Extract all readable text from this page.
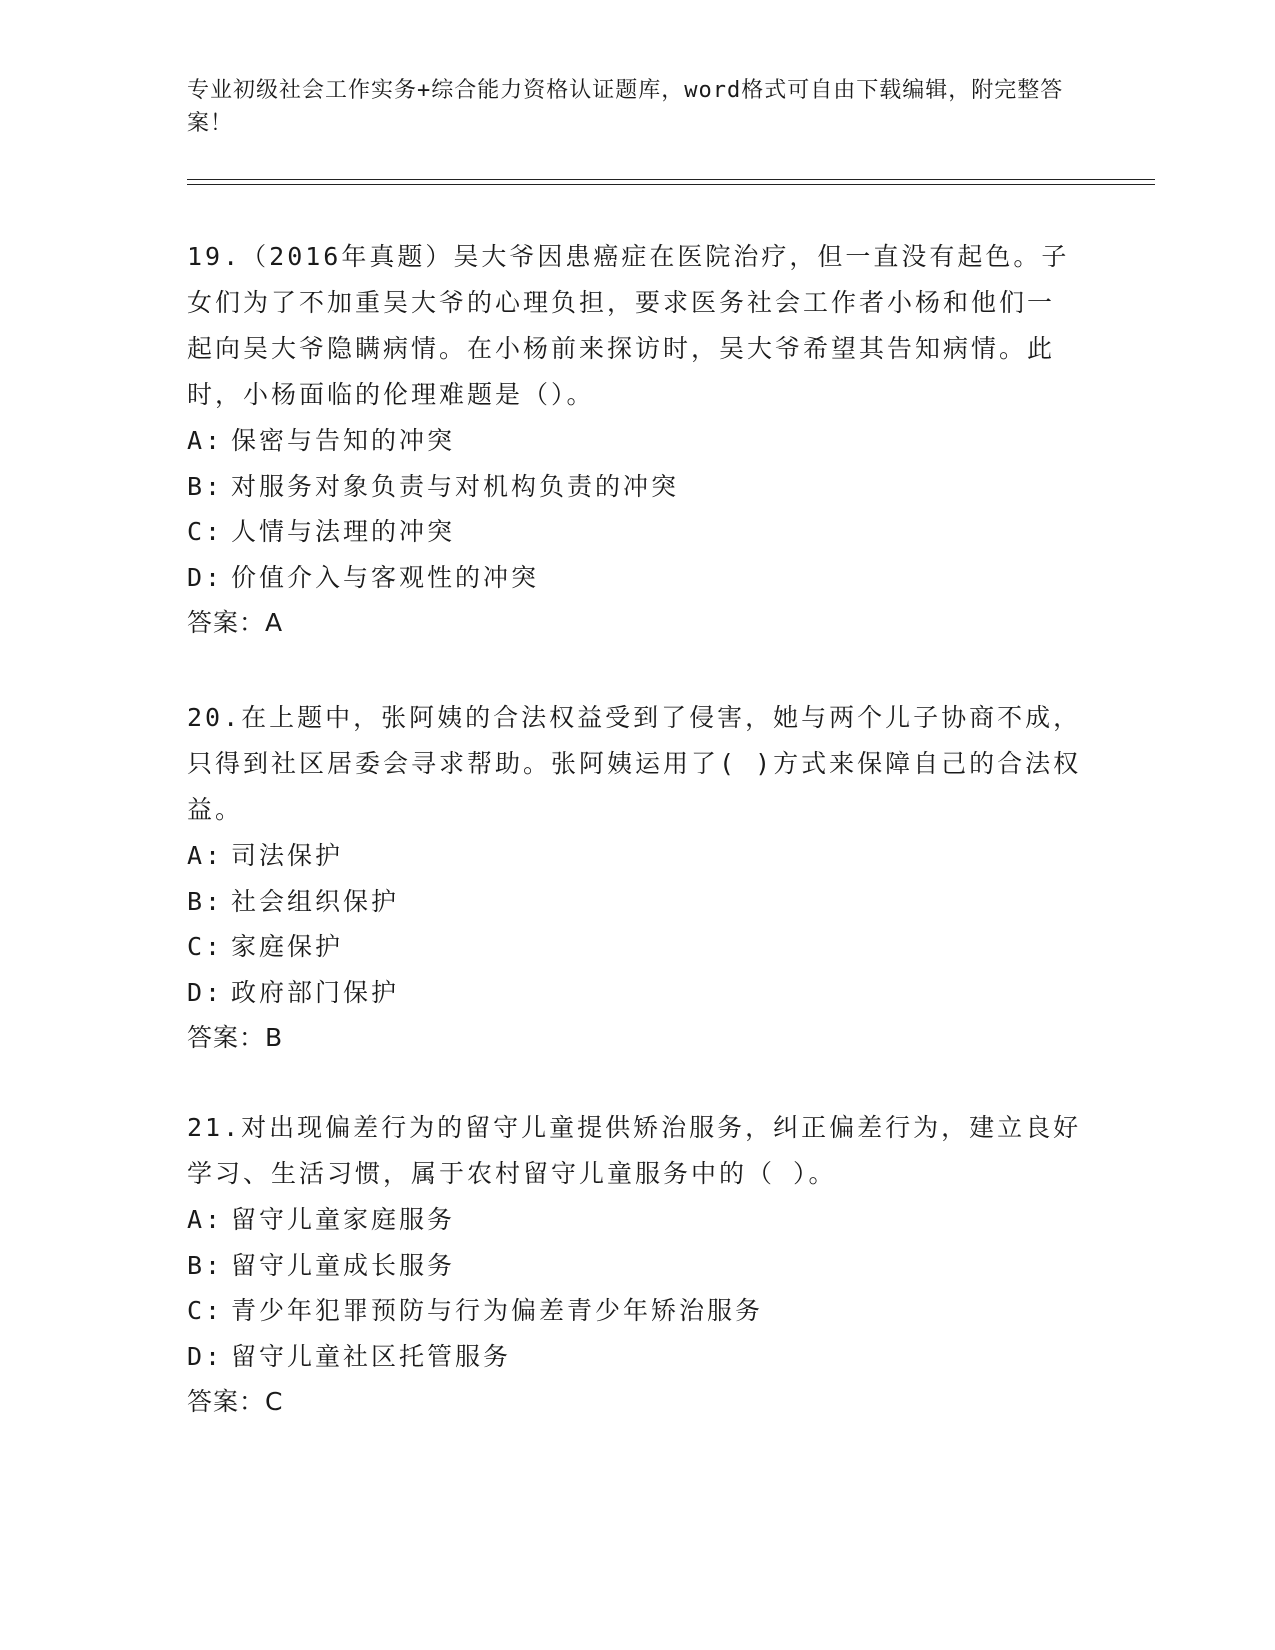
专业初级社会工作实务+综合能力资格认证题库，word格式可自由下载编辑，附完整答案！

19.（2016年真题）吴大爷因患癌症在医院治疗，但一直没有起色。子女们为了不加重吴大爷的心理负担，要求医务社会工作者小杨和他们一起向吴大爷隐瞒病情。在小杨前来探访时，吴大爷希望其告知病情。此时，小杨面临的伦理难题是（）。

A: 保密与告知的冲突

B: 对服务对象负责与对机构负责的冲突

C: 人情与法理的冲突

D: 价值介入与客观性的冲突

答案：A

20.在上题中，张阿姨的合法权益受到了侵害，她与两个儿子协商不成，只得到社区居委会寻求帮助。张阿姨运用了( )方式来保障自己的合法权益。

A: 司法保护

B: 社会组织保护

C: 家庭保护

D: 政府部门保护

答案：B

21.对出现偏差行为的留守儿童提供矫治服务，纠正偏差行为，建立良好学习、生活习惯，属于农村留守儿童服务中的（ ）。

A: 留守儿童家庭服务

B: 留守儿童成长服务

C: 青少年犯罪预防与行为偏差青少年矫治服务

D: 留守儿童社区托管服务

答案：C
